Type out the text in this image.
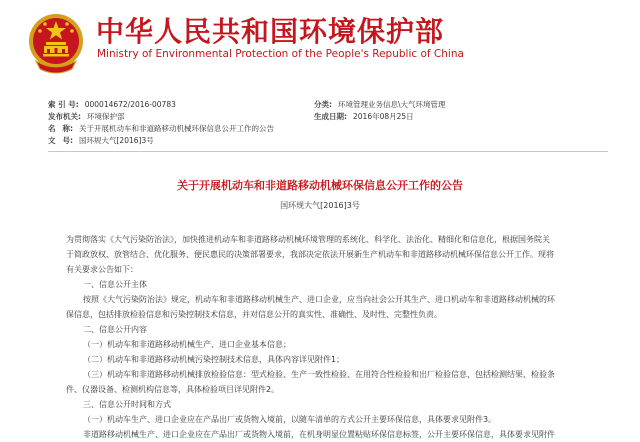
中华人民共和国环境保护部
Ministry of Environmental Protection of the People's Republic of China
索 引 号: 000014672/2016-00783	分类: 环境管理业务信息\大气环境管理
发布机关: 环境保护部	生成日期: 2016年08月25日
名 称: 关于开展机动车和非道路移动机械环保信息公开工作的公告
文 号: 国环规大气[2016]3号
关于开展机动车和非道路移动机械环保信息公开工作的公告
国环规大气[2016]3号

为贯彻落实《大气污染防治法》，加快推进机动车和非道路移动机械环境管理的系统化、科学化、法治化、精细化和信息化，根据国务院关

于简政放权、放管结合、优化服务、便民惠民的决策部署要求，我部决定依法开展新生产机动车和非道路移动机械环保信息公开工作。现将

有关要求公告如下：

一、信息公开主体

按照《大气污染防治法》规定，机动车和非道路移动机械生产、进口企业，应当向社会公开其生产、进口机动车和非道路移动机械的环

保信息，包括排放检验信息和污染控制技术信息，并对信息公开的真实性、准确性、及时性、完整性负责。

二、信息公开内容

（一）机动车和非道路移动机械生产、进口企业基本信息；

（二）机动车和非道路移动机械污染控制技术信息，具体内容详见附件1；

（三）机动车和非道路移动机械排放检验信息：型式检验、生产一致性检验、在用符合性检验和出厂检验信息，包括检测结果、检验条

件、仪器设备、检测机构信息等，具体检验项目详见附件2。

三、信息公开时间和方式

（一）机动车生产、进口企业应在产品出厂或货物入境前，以随车清单的方式公开主要环保信息，具体要求见附件3。

非道路移动机械生产、进口企业应在产品出厂或货物入境前，在机身明显位置粘贴环保信息标签，公开主要环保信息，具体要求见附件
